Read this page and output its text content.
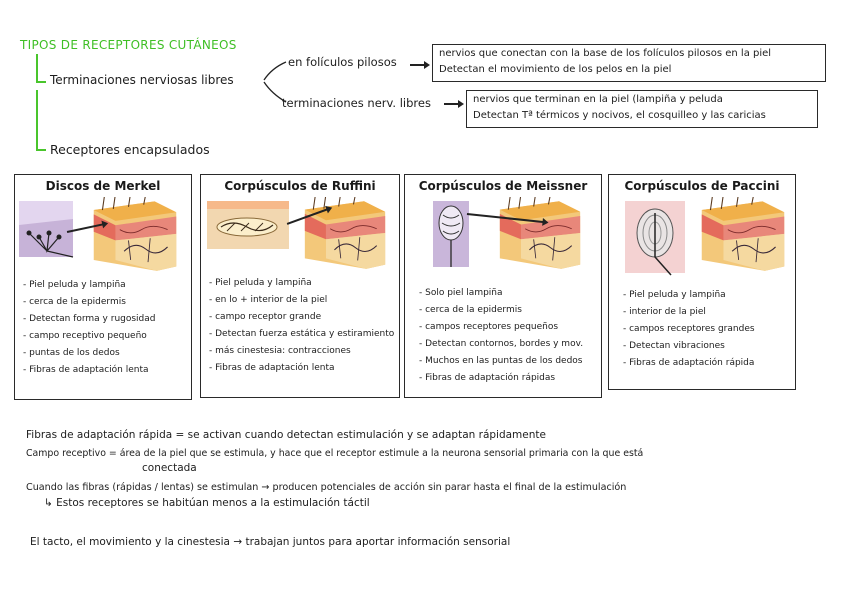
TIPOS DE RECEPTORES CUTÁNEOS
Terminaciones nerviosas libres
Receptores encapsulados
en folículos pilosos
nervios que conectan con la base de los folículos pilosos en la piel
Detectan el movimiento de los pelos en la piel
terminaciones nerv. libres	nervios que terminan en la piel (lampiña y peluda
Detectan Tª térmicos y nocivos, el cosquilleo y las caricias
Discos de Merkel
- Piel peluda y lampiña
- cerca de la epidermis
- Detectan forma y rugosidad
- campo receptivo pequeño
- puntas de los dedos
- Fibras de adaptación lenta
Corpúsculos de Ruffini
- Piel peluda y lampiña
- en lo + interior de la piel
- campo receptor grande
- Detectan fuerza estática y estiramiento
- más cinestesia: contracciones
- Fibras de adaptación lenta
Corpúsculos de Meissner
- Solo piel lampiña
- cerca de la epidermis
- campos receptores pequeños
- Detectan contornos, bordes y mov.
- Muchos en las puntas de los dedos
- Fibras de adaptación rápidas
Corpúsculos de Paccini
- Piel peluda y lampiña
- interior de la piel
- campos receptores grandes
- Detectan vibraciones
- Fibras de adaptación rápida
Fibras de adaptación rápida = se activan cuando detectan estimulación y se adaptan rápidamente
Campo receptivo = área de la piel que se estimula, y hace que el receptor estimule a la neurona sensorial primaria con la que está
conectada
Cuando las fibras (rápidas / lentas) se estimulan → producen potenciales de acción sin parar hasta el final de la estimulación
↳ Estos receptores se habitúan menos a la estimulación táctil
El tacto, el movimiento y la cinestesia → trabajan juntos para aportar información sensorial
